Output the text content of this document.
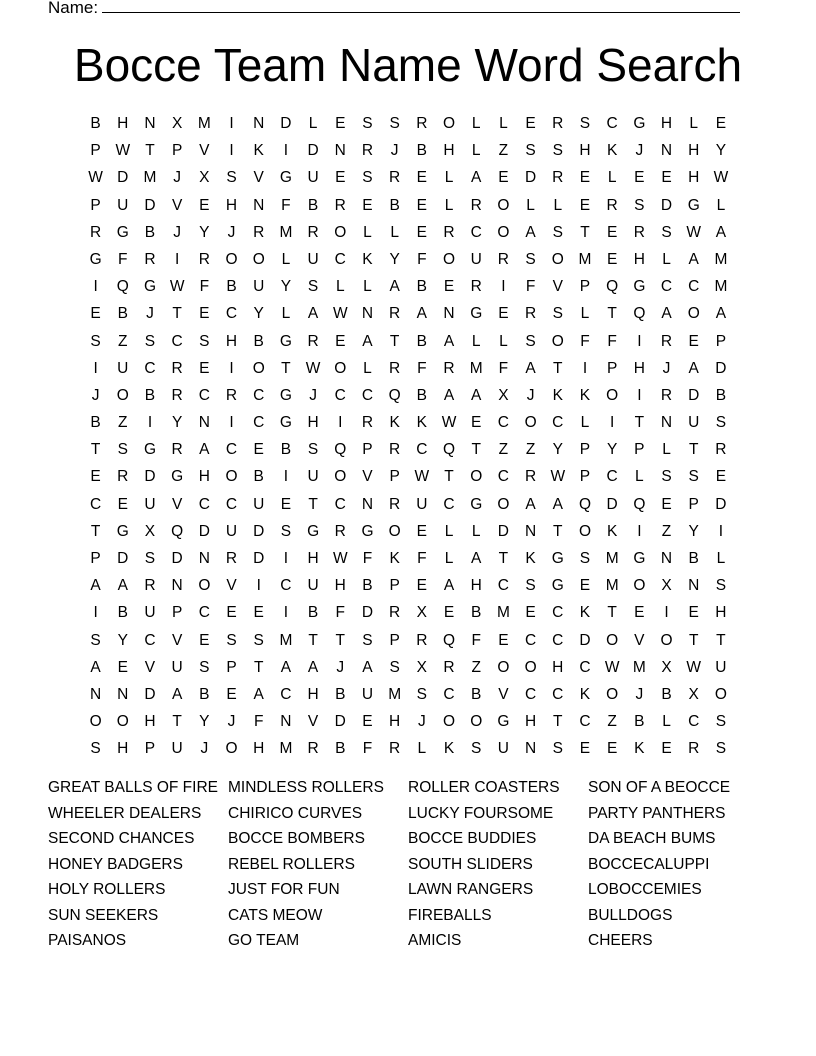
Name:
Bocce Team Name Word Search
B	H	N	X	M	I	N	D	L	E	S	S	R	O	L	L	E	R	S	C	G	H	L	E
P W T	P	V	I	K	I	D	N	R	J	B	H	L	Z	S	S	H	K	J	N	H	Y
W D M	J	X	S	V	G	U	E	S	R	E	L	A	E	D	R	E	L	E	E	H W
P	U	D	V	E	H	N	F	B	R	E	B	E	L	R	O	L	L	E	R	S	D	G	L
R	G	B	J	Y	J	R M R	O	L	L	E	R	C	O	A	S	T	E	R	S W A
G	F	R	I	R	O O	L	U	C	K	Y	F	O	U	R	S	O M	E	H	L	A	M
I	Q G W F	B	U	Y	S	L	L	A	B	E	R	I	F	V	P	Q G	C	C M
E	B	J	T	E	C	Y	L	A W N	R	A	N	G	E	R	S	L	T	Q	A	O	A
S	Z	S	C	S	H	B	G	R	E	A	T	B	A	L	L	S	O	F	F	I	R	E	P
I	U	C	R	E	I	O	T W O	L	R	F	R M	F	A	T	I	P	H	J	A	D
J	O	B	R	C	R	C	G	J	C	C	Q	B	A	A	X	J	K	K	O	I	R	D	B
B	Z	I	Y	N	I	C	G	H	I	R	K	K W E	C	O	C	L	I	T	N	U	S
T	S	G	R	A	C	E	B	S	Q	P	R	C	Q	T	Z	Z	Y	P	Y	P	L	T	R
E	R	D	G	H	O	B	I	U	O	V	P W T	O	C	R W P	C	L	S	S	E
C	E	U	V	C	C	U	E	T	C	N	R	U	C	G O	A	A	Q	D	Q	E	P	D
T	G	X	Q	D	U	D	S	G	R	G O	E	L	L	D	N	T	O	K	I	Z	Y	I
P	D	S	D	N	R	D	I	H W F	K	F	L	A	T	K	G	S	M G	N	B	L
A	A	R	N	O	V	I	C	U	H	B	P	E	A	H	C	S	G	E	M O	X	N	S
I	B	U	P	C	E	E	I	B	F	D	R	X	E	B	M	E	C	K	T	E	I	E	H
S	Y	C	V	E	S	S	M	T	T	S	P	R	Q	F	E	C	C	D	O	V	O	T	T
A	E	V	U	S	P	T	A	A	J	A	S	X	R	Z	O O	H	C W M	X W U
N	N	D	A	B	E	A	C	H	B	U M	S	C	B	V	C	C	K	O	J	B	X	O
O O	H	T	Y	J	F	N	V	D	E	H	J	O O G	H	T	C	Z	B	L	C	S
S	H	P	U	J	O	H M R	B	F	R	L	K	S	U	N	S	E	E	K	E	R	S
GREAT BALLS OF FIRE
WHEELER DEALERS
SECOND CHANCES
HONEY BADGERS
HOLY ROLLERS
SUN SEEKERS
PAISANOS
MINDLESS ROLLERS
CHIRICO CURVES
BOCCE BOMBERS
REBEL ROLLERS
JUST FOR FUN
CATS MEOW
GO TEAM
ROLLER COASTERS
LUCKY FOURSOME
BOCCE BUDDIES
SOUTH SLIDERS
LAWN RANGERS
FIREBALLS
AMICIS
SON OF A BEOCCE
PARTY PANTHERS
DA BEACH BUMS
BOCCECALUPPI
LOBOCCEMIES
BULLDOGS
CHEERS
